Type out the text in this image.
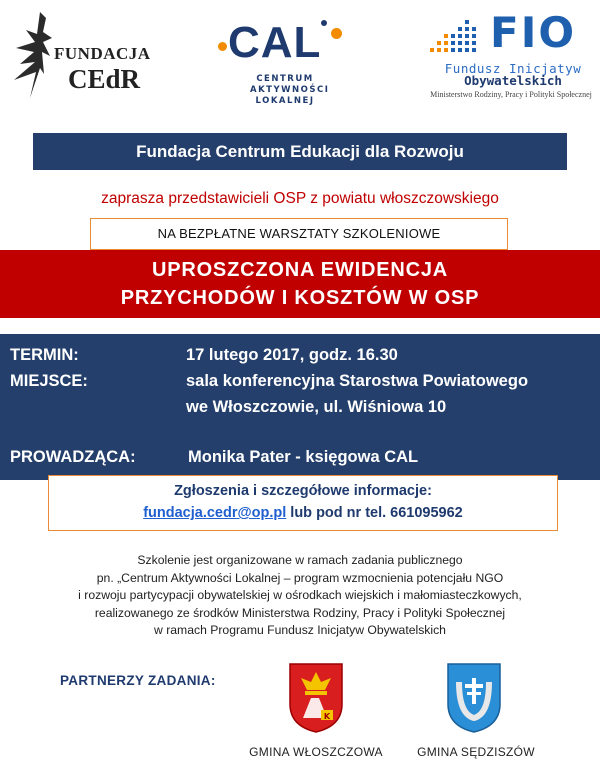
FUNDACJA
CEdR
CAL
CENTRUM
AKTYWNOŚCI
LOKALNEJ
FIO
Fundusz Inicjatyw
Obywatelskich
Ministerstwo Rodziny, Pracy i Polityki Społecznej
Fundacja Centrum Edukacji dla Rozwoju
zaprasza przedstawicieli OSP z powiatu włoszczowskiego
NA BEZPŁATNE WARSZTATY SZKOLENIOWE
UPROSZCZONA EWIDENCJA
PRZYCHODÓW I KOSZTÓW W OSP
TERMIN:	17 lutego 2017, godz. 16.30
MIEJSCE:	sala konferencyjna Starostwa Powiatowego
we Włoszczowie, ul. Wiśniowa 10
PROWADZĄCA:	Monika Pater - księgowa CAL
Zgłoszenia i szczegółowe informacje:
fundacja.cedr@op.pl lub pod nr tel. 661095962
Szkolenie jest organizowane w ramach zadania publicznego
pn. „Centrum Aktywności Lokalnej – program wzmocnienia potencjału NGO
i rozwoju partycypacji obywatelskiej w ośrodkach wiejskich i małomiasteczkowych,
realizowanego ze środków Ministerstwa Rodziny, Pracy i Polityki Społecznej
w ramach Programu Fundusz Inicjatyw Obywatelskich
PARTNERZY ZADANIA:
K
GMINA WŁOSZCZOWA	GMINA SĘDZISZÓW
